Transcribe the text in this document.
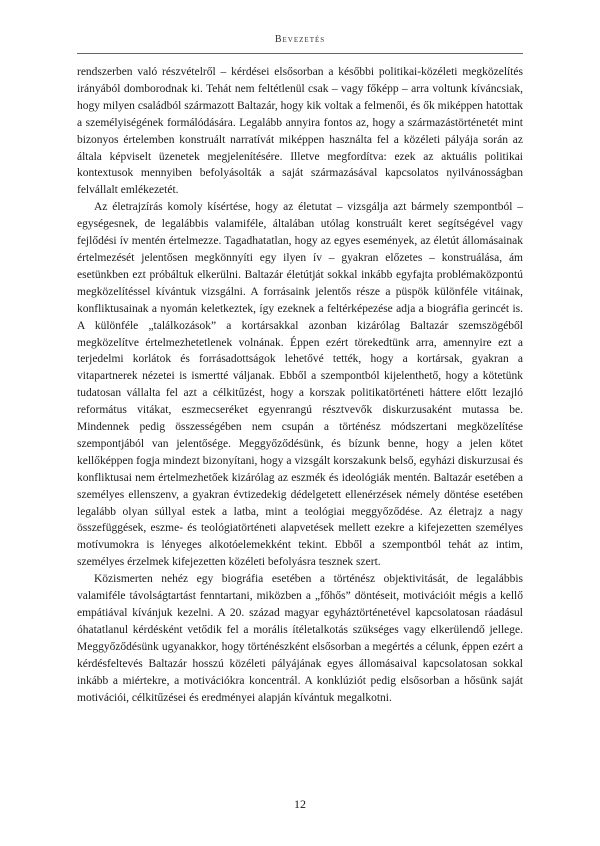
Bevezetés

rendszerben való részvételről – kérdései elsősorban a későbbi politikai-közéleti megközelítés irányából domborodnak ki. Tehát nem feltétlenül csak – vagy főképp – arra voltunk kíváncsiak, hogy milyen családból származott Baltazár, hogy kik voltak a felmenői, és ők miképpen hatottak a személyiségének formálódására. Legalább annyira fontos az, hogy a származástörténetét mint bizonyos értelemben konstruált narratívát miképpen használta fel a közéleti pályája során az általa képviselt üzenetek megjelenítésére. Illetve megfordítva: ezek az aktuális politikai kontextusok mennyiben befolyásolták a saját származásával kapcsolatos nyilvánosságban felvállalt emlékezetét.

Az életrajzírás komoly kísértése, hogy az életutat – vizsgálja azt bármely szempontból – egységesnek, de legalábbis valamiféle, általában utólag konstruált keret segítségével vagy fejlődési ív mentén értelmezze. Tagadhatatlan, hogy az egyes események, az életút állomásainak értelmezését jelentősen megkönnyíti egy ilyen ív – gyakran előzetes – konstruálása, ám esetünkben ezt próbáltuk elkerülni. Baltazár életútját sokkal inkább egyfajta problémaközpontú megközelítéssel kívántuk vizsgálni. A forrásaink jelentős része a püspök különféle vitáinak, konfliktusainak a nyomán keletkeztek, így ezeknek a feltérképezése adja a biográfia gerincét is. A különféle „találkozások” a kortársakkal azonban kizárólag Baltazár szemszögéből megközelítve értelmezhetetlenek volnának. Éppen ezért törekedtünk arra, amennyire ezt a terjedelmi korlátok és forrásadottságok lehetővé tették, hogy a kortársak, gyakran a vitapartnerek nézetei is ismertté váljanak. Ebből a szempontból kijelenthető, hogy a kötetünk tudatosan vállalta fel azt a célkitűzést, hogy a korszak politikatörténeti háttere előtt lezajló református vitákat, eszmecseréket egyenrangú résztvevők diskurzusaként mutassa be. Mindennek pedig összességében nem csupán a történész módszertani megközelítése szempontjából van jelentősége. Meggyőződésünk, és bízunk benne, hogy a jelen kötet kellőképpen fogja mindezt bizonyítani, hogy a vizsgált korszakunk belső, egyházi diskurzusai és konfliktusai nem értelmezhetőek kizárólag az eszmék és ideológiák mentén. Baltazár esetében a személyes ellenszenv, a gyakran évtizedekig dédelgetett ellenérzések némely döntése esetében legalább olyan súllyal estek a latba, mint a teológiai meggyőződése. Az életrajz a nagy összefüggések, eszme- és teológiatörténeti alapvetések mellett ezekre a kifejezetten személyes motívumokra is lényeges alkotóelemekként tekint. Ebből a szempontból tehát az intim, személyes érzelmek kifejezetten közéleti befolyásra tesznek szert.

Közismerten nehéz egy biográfia esetében a történész objektivitását, de legalábbis valamiféle távolságtartást fenntartani, miközben a „főhős” döntéseit, motivációit mégis a kellő empátiával kívánjuk kezelni. A 20. század magyar egyháztörténetével kapcsolatosan ráadásul óhatatlanul kérdésként vetődik fel a morális ítéletalkotás szükséges vagy elkerülendő jellege. Meggyőződésünk ugyanakkor, hogy történészként elsősorban a megértés a célunk, éppen ezért a kérdésfeltevés Baltazár hosszú közéleti pályájának egyes állomásaival kapcsolatosan sokkal inkább a miértekre, a motivációkra koncentrál. A konklúziót pedig elsősorban a hősünk saját motivációi, célkitűzései és eredményei alapján kívántuk megalkotni.

12
